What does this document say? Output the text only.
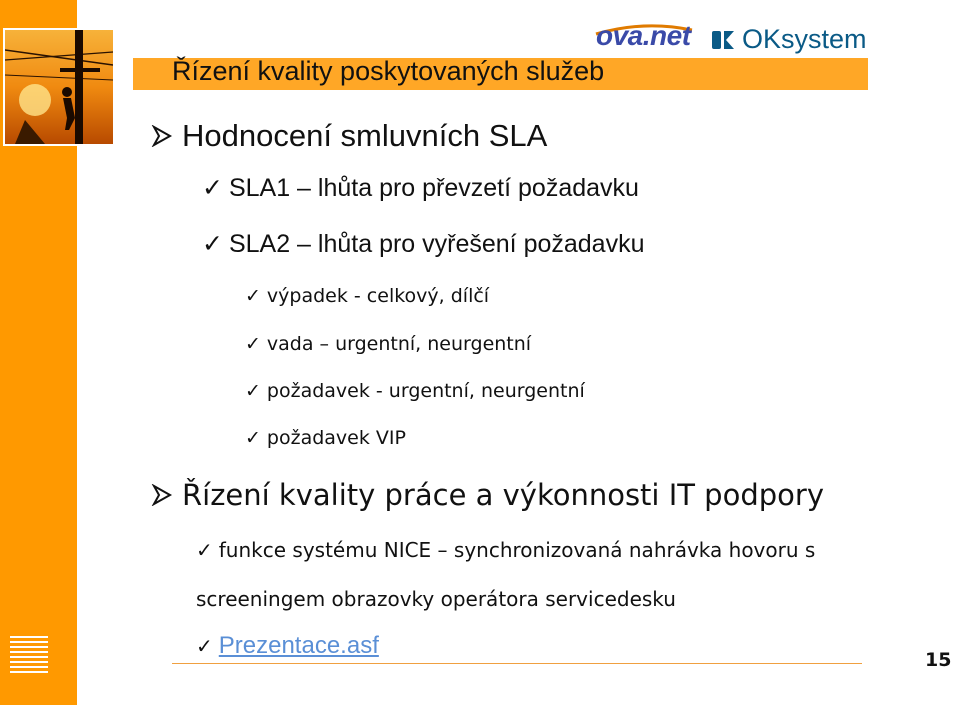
Řízení kvality poskytovaných služeb
ova.net OKsystem
Hodnocení smluvních SLA
✓ SLA1 – lhůta pro převzetí požadavku
✓ SLA2 – lhůta pro vyřešení požadavku
✓ výpadek - celkový, dílčí
✓ vada – urgentní, neurgentní
✓ požadavek - urgentní, neurgentní
✓ požadavek VIP
Řízení kvality práce a výkonnosti IT podpory
✓ funkce systému NICE – synchronizovaná nahrávka hovoru s
screeningem obrazovky operátora servicedesku
✓ Prezentace.asf
15
